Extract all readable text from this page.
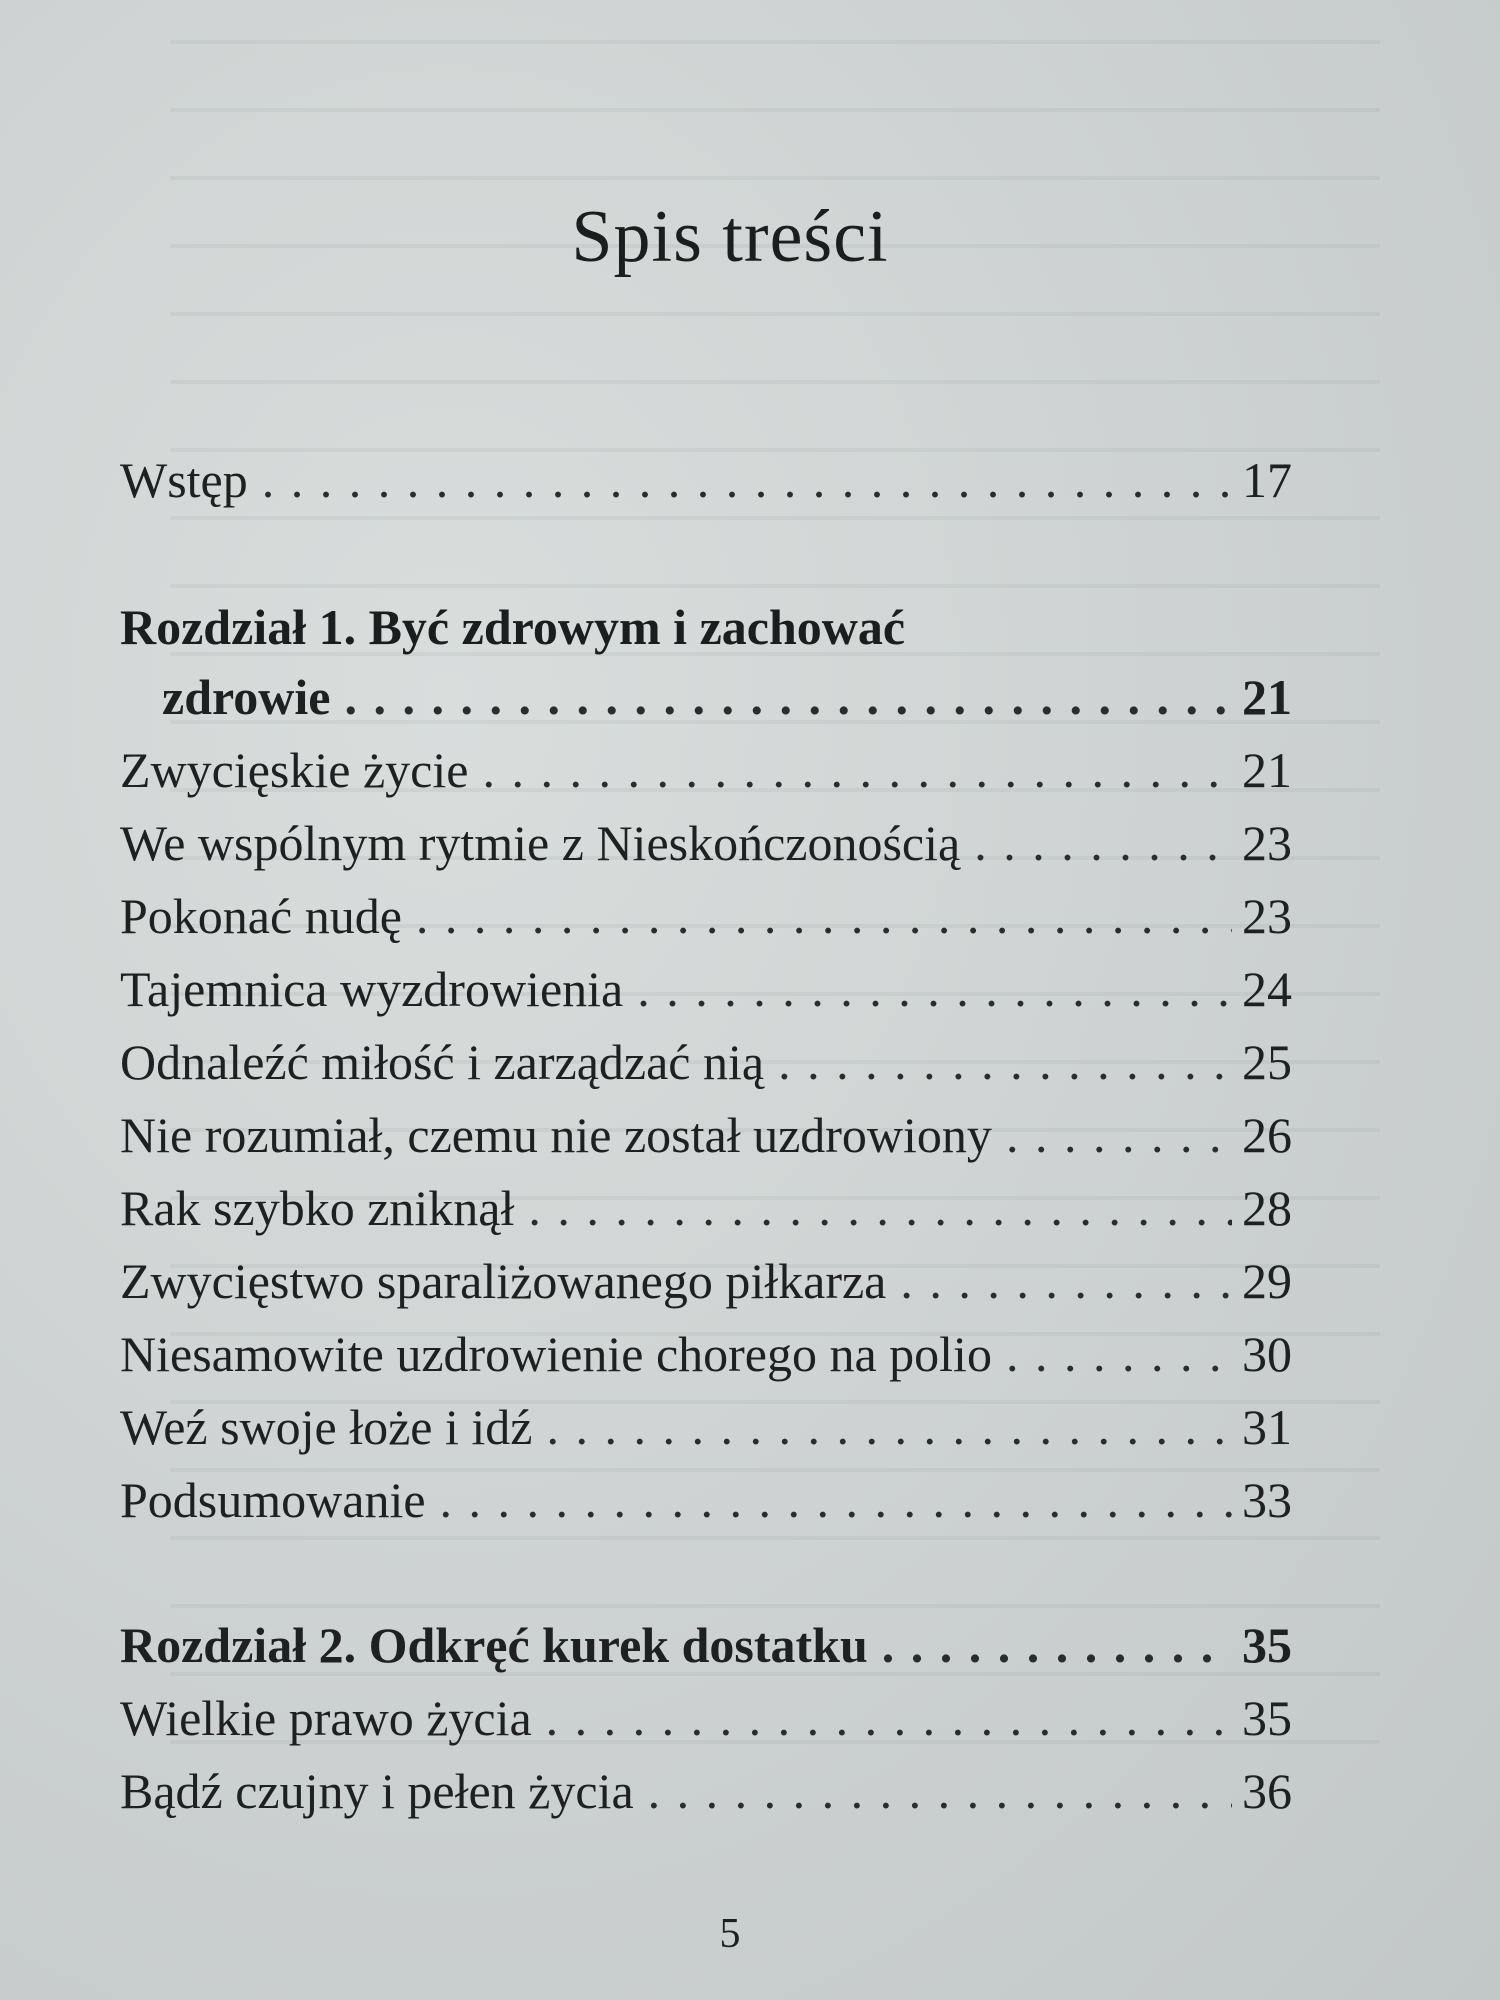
Spis treści
Wstęp . . .	17
Rozdział 1. Być zdrowym i zachować
zdrowie . . .	21
Zwycięskie życie . . .	21
We wspólnym rytmie z Nieskończonością . . .	23
Pokonać nudę . . .	23
Tajemnica wyzdrowienia . . .	24
Odnaleźć miłość i zarządzać nią . . .	25
Nie rozumiał, czemu nie został uzdrowiony . . .	26
Rak szybko zniknął . . .	28
Zwycięstwo sparaliżowanego piłkarza . . .	29
Niesamowite uzdrowienie chorego na polio . . .	30
Weź swoje łoże i idź . . .	31
Podsumowanie . . .	33
Rozdział 2. Odkręć kurek dostatku . . .	35
Wielkie prawo życia . . .	35
Bądź czujny i pełen życia . . .	36
5
